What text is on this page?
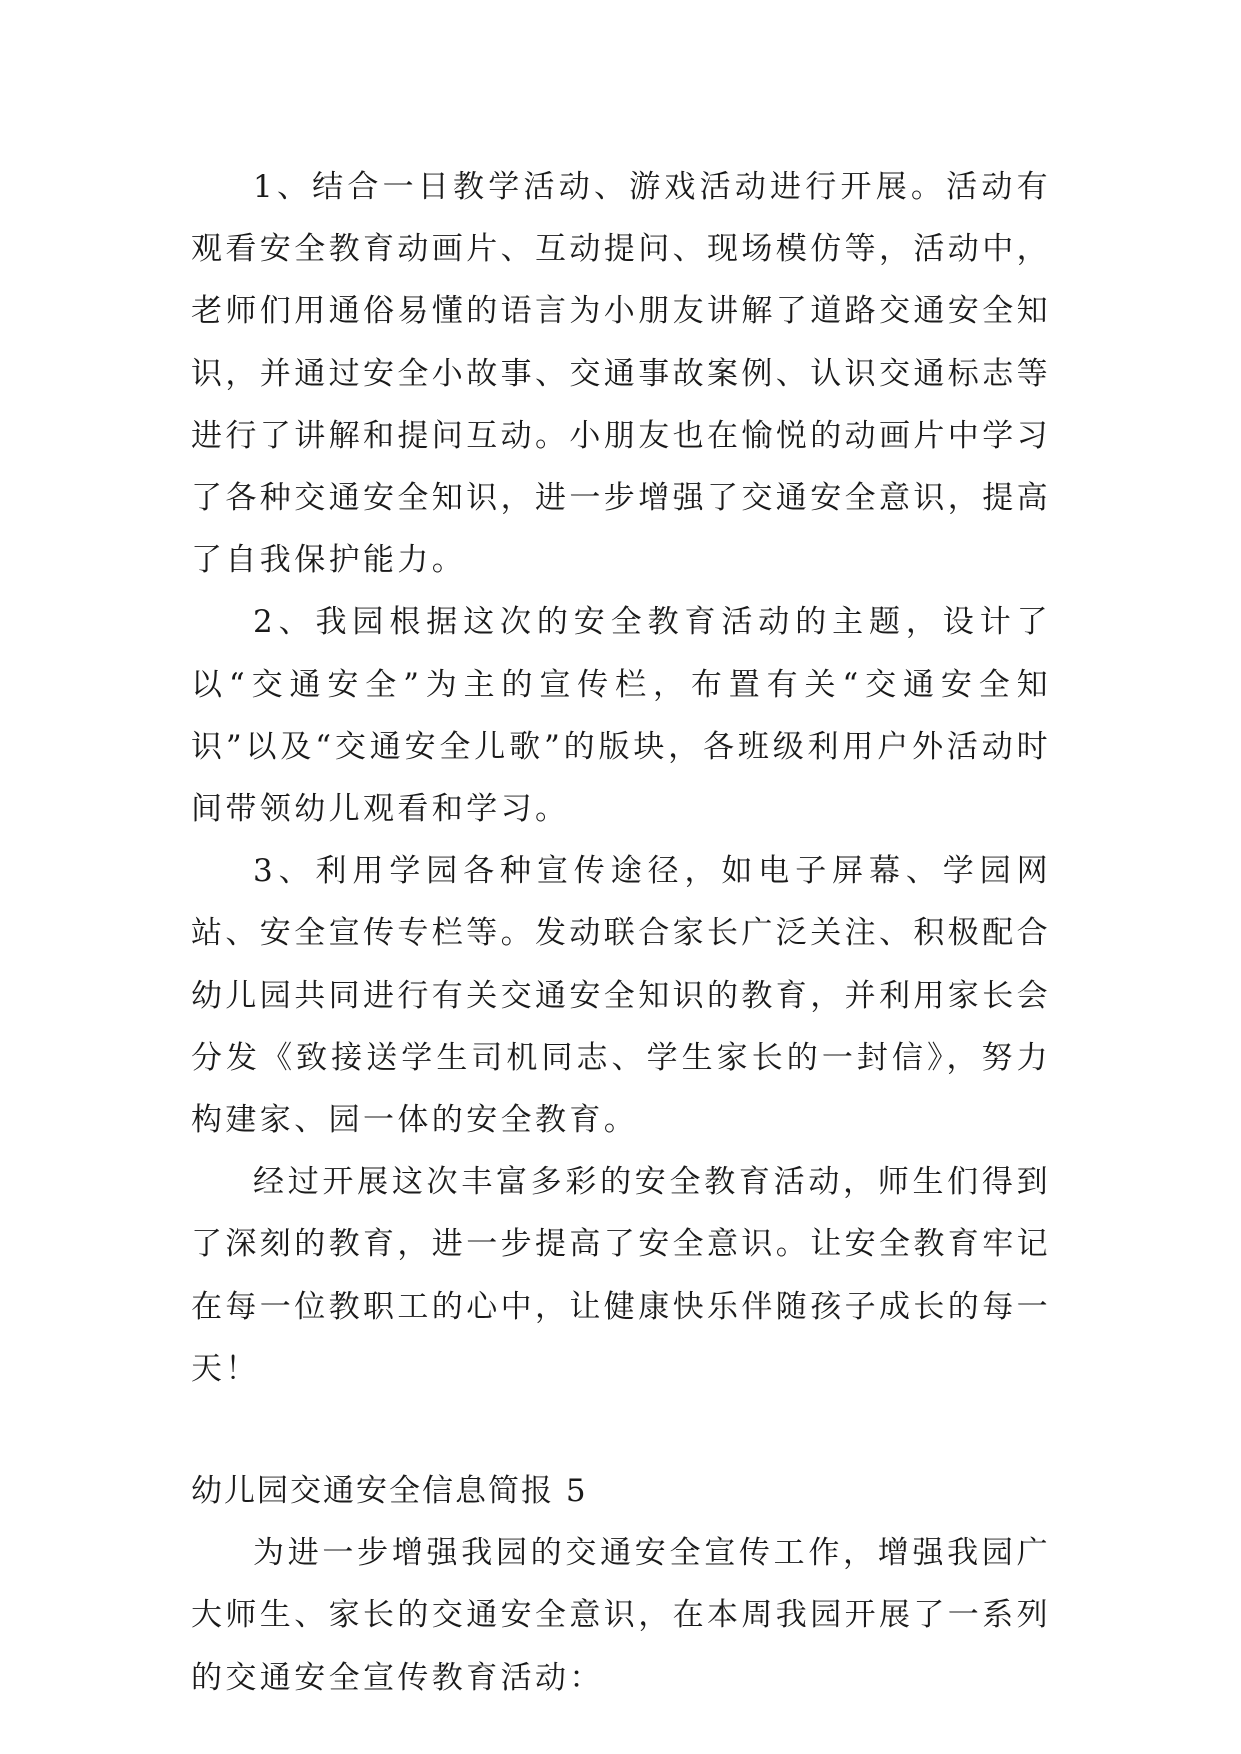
1、结合一日教学活动、游戏活动进行开展。活动有观看安全教育动画片、互动提问、现场模仿等，活动中，老师们用通俗易懂的语言为小朋友讲解了道路交通安全知识，并通过安全小故事、交通事故案例、认识交通标志等进行了讲解和提问互动。小朋友也在愉悦的动画片中学习了各种交通安全知识，进一步增强了交通安全意识，提高了自我保护能力。

2、我园根据这次的安全教育活动的主题，设计了以“交通安全”为主的宣传栏，布置有关“交通安全知识”以及“交通安全儿歌”的版块，各班级利用户外活动时间带领幼儿观看和学习。

3、利用学园各种宣传途径，如电子屏幕、学园网站、安全宣传专栏等。发动联合家长广泛关注、积极配合幼儿园共同进行有关交通安全知识的教育，并利用家长会分发《致接送学生司机同志、学生家长的一封信》，努力构建家、园一体的安全教育。

经过开展这次丰富多彩的安全教育活动，师生们得到了深刻的教育，进一步提高了安全意识。让安全教育牢记在每一位教职工的心中，让健康快乐伴随孩子成长的每一天！

幼儿园交通安全信息简报 5

为进一步增强我园的交通安全宣传工作，增强我园广大师生、家长的交通安全意识，在本周我园开展了一系列的交通安全宣传教育活动：
